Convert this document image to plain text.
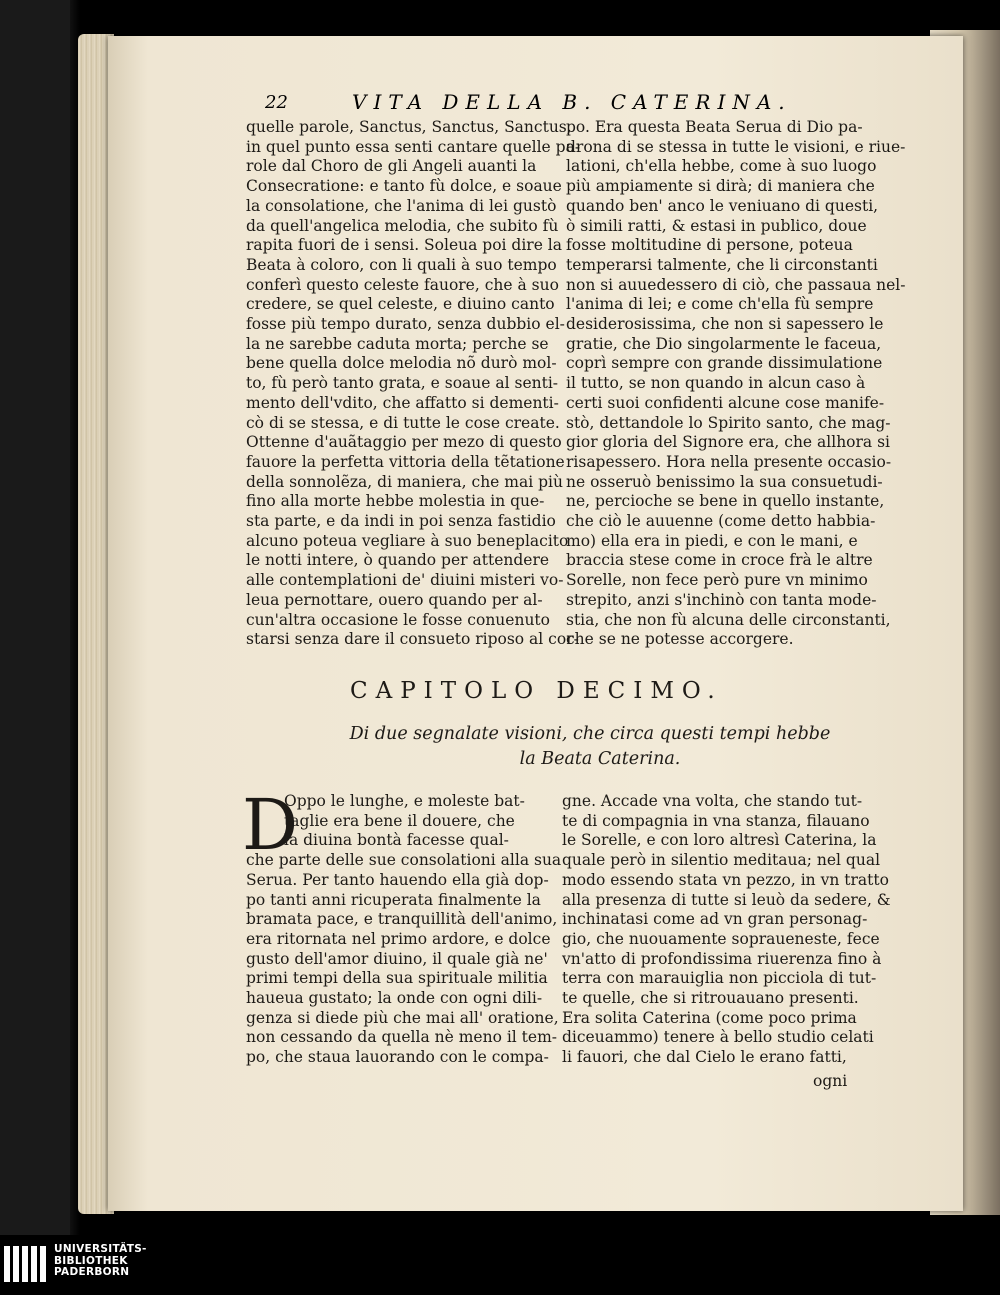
22	VITA DELLA B. CATERINA.
quelle parole, Sanctus, Sanctus, Sanctus,
in quel punto essa senti cantare quelle pa-
role dal Choro de gli Angeli auanti la
Consecratione: e tanto fù dolce, e soaue
la consolatione, che l'anima di lei gustò
da quell'angelica melodia, che subito fù
rapita fuori de i sensi. Soleua poi dire la
Beata à coloro, con li quali à suo tempo
conferì questo celeste fauore, che à suo
credere, se quel celeste, e diuino canto
fosse più tempo durato, senza dubbio el-
la ne sarebbe caduta morta; perche se
bene quella dolce melodia nõ durò mol-
to, fù però tanto grata, e soaue al senti-
mento dell'vdito, che affatto si dementi-
cò di se stessa, e di tutte le cose create.
Ottenne d'auãtaggio per mezo di questo
fauore la perfetta vittoria della tẽtatione
della sonnolẽza, di maniera, che mai più
fino alla morte hebbe molestia in que-
sta parte, e da indi in poi senza fastidio
alcuno poteua vegliare à suo beneplacito
le notti intere, ò quando per attendere
alle contemplationi de' diuini misteri vo-
leua pernottare, ouero quando per al-
cun'altra occasione le fosse conuenuto
starsi senza dare il consueto riposo al cor-
po. Era questa Beata Serua di Dio pa-
drona di se stessa in tutte le visioni, e riue-
lationi, ch'ella hebbe, come à suo luogo
più ampiamente si dirà; di maniera che
quando ben' anco le veniuano di questi,
ò simili ratti, & estasi in publico, doue
fosse moltitudine di persone, poteua
temperarsi talmente, che li circonstanti
non si auuedessero di ciò, che passaua nel-
l'anima di lei; e come ch'ella fù sempre
desiderosissima, che non si sapessero le
gratie, che Dio singolarmente le faceua,
coprì sempre con grande dissimulatione
il tutto, se non quando in alcun caso à
certi suoi confidenti alcune cose manife-
stò, dettandole lo Spirito santo, che mag-
gior gloria del Signore era, che allhora si
risapessero. Hora nella presente occasio-
ne osseruò benissimo la sua consuetudi-
ne, percioche se bene in quello instante,
che ciò le auuenne (come detto habbia-
mo) ella era in piedi, e con le mani, e
braccia stese come in croce frà le altre
Sorelle, non fece però pure vn minimo
strepito, anzi s'inchinò con tanta mode-
stia, che non fù alcuna delle circonstanti,
che se ne potesse accorgere.
CAPITOLO DECIMO.
Di due segnalate visioni, che circa questi tempi hebbe
la Beata Caterina.
D
Oppo le lunghe, e moleste bat-
taglie era bene il douere, che
la diuina bontà facesse qual-
che parte delle sue consolationi alla sua
Serua. Per tanto hauendo ella già dop-
po tanti anni ricuperata finalmente la
bramata pace, e tranquillità dell'animo,
era ritornata nel primo ardore, e dolce
gusto dell'amor diuino, il quale già ne'
primi tempi della sua spirituale militia
haueua gustato; la onde con ogni dili-
genza si diede più che mai all' oratione,
non cessando da quella nè meno il tem-
po, che staua lauorando con le compa-
gne. Accade vna volta, che stando tut-
te di compagnia in vna stanza, filauano
le Sorelle, e con loro altresì Caterina, la
quale però in silentio meditaua; nel qual
modo essendo stata vn pezzo, in vn tratto
alla presenza di tutte si leuò da sedere, &
inchinatasi come ad vn gran personag-
gio, che nuouamente sopraueneste, fece
vn'atto di profondissima riuerenza fino à
terra con marauiglia non picciola di tut-
te quelle, che si ritrouauano presenti.
Era solita Caterina (come poco prima
diceuammo) tenere à bello studio celati
li fauori, che dal Cielo le erano fatti,
ogni
UNIVERSITÄTS-
BIBLIOTHEK
PADERBORN
